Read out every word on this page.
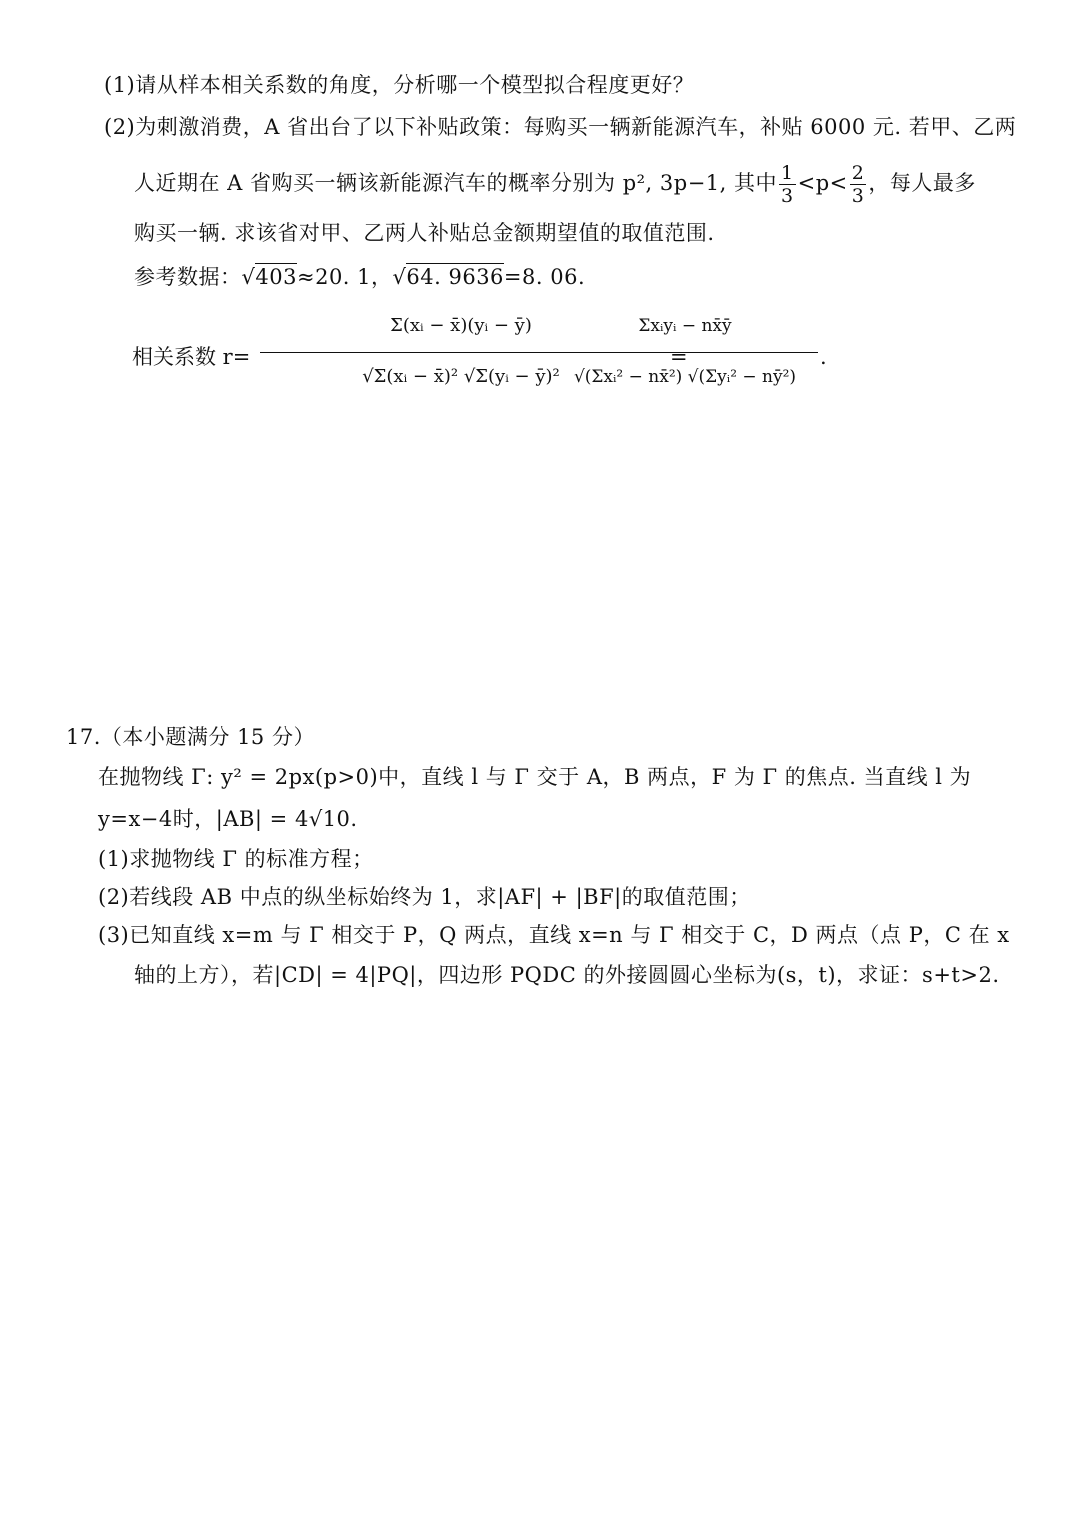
(1)请从样本相关系数的角度，分析哪一个模型拟合程度更好？
(2)为刺激消费，A 省出台了以下补贴政策：每购买一辆新能源汽车，补贴 6000 元. 若甲、乙两
人近期在 A 省购买一辆该新能源汽车的概率分别为 p², 3p−1, 其中 $\frac{1}{3} <p< \frac{2}{3}$ ，每人最多
购买一辆. 求该省对甲、乙两人补贴总金额期望值的取值范围.
参考数据：√403≈20. 1，√64. 9636=8. 06.
相关系数 r=
Σ(xᵢ − x̄)(yᵢ − ȳ)
√Σ(xᵢ − x̄)² √Σ(yᵢ − ȳ)²
=
Σxᵢyᵢ − nx̄ȳ
√(Σxᵢ² − nx̄²) √(Σyᵢ² − nȳ²)
.
17.（本小题满分 15 分）
在抛物线 Γ: y² = 2px(p>0)中，直线 l 与 Γ 交于 A，B 两点，F 为 Γ 的焦点. 当直线 l 为
y=x−4时，|AB| = 4√10.
(1)求抛物线 Γ 的标准方程；
(2)若线段 AB 中点的纵坐标始终为 1，求|AF| + |BF|的取值范围；
(3)已知直线 x=m 与 Γ 相交于 P，Q 两点，直线 x=n 与 Γ 相交于 C，D 两点（点 P，C 在 x
轴的上方），若|CD| = 4|PQ|，四边形 PQDC 的外接圆圆心坐标为(s，t)，求证：s+t>2.
